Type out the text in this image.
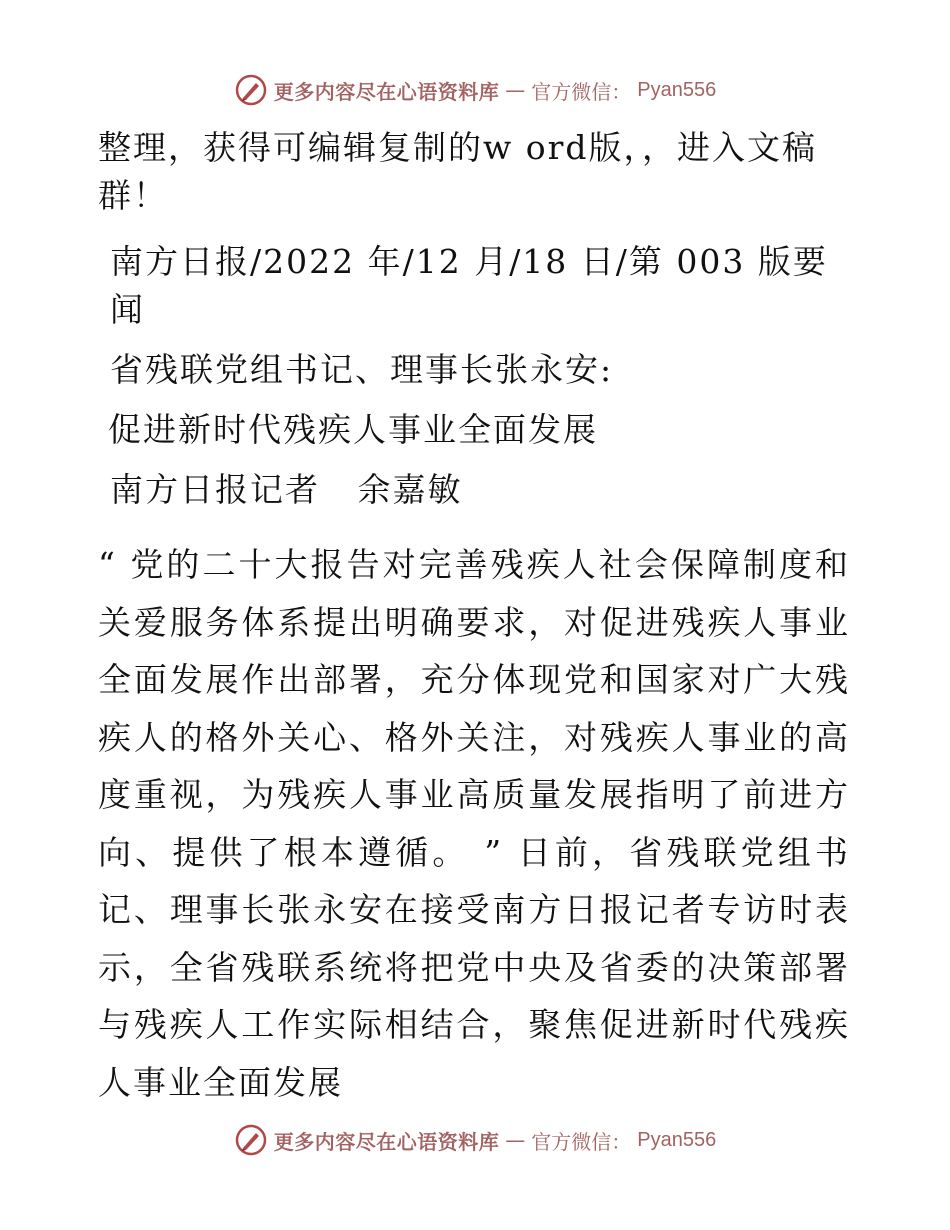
更多内容尽在心语资料库 — 官方微信： Pyan556

整理，获得可编辑复制的w ord版，，进入文稿群！

南方日报/2022 年/12 月/18 日/第 003 版要闻

省残联党组书记、理事长张永安:

促进新时代残疾人事业全面发展

南方日报记者   余嘉敏

“ 党的二十大报告对完善残疾人社会保障制度和关爱服务体系提出明确要求，对促进残疾人事业全面发展作出部署，充分体现党和国家对广大残疾人的格外关心、格外关注，对残疾人事业的高度重视，为残疾人事业高质量发展指明了前进方向、提供了根本遵循。 ” 日前，省残联党组书记、理事长张永安在接受南方日报记者专访时表示，全省残联系统将把党中央及省委的决策部署与残疾人工作实际相结合，聚焦促进新时代残疾人事业全面发展

更多内容尽在心语资料库 — 官方微信： Pyan556
